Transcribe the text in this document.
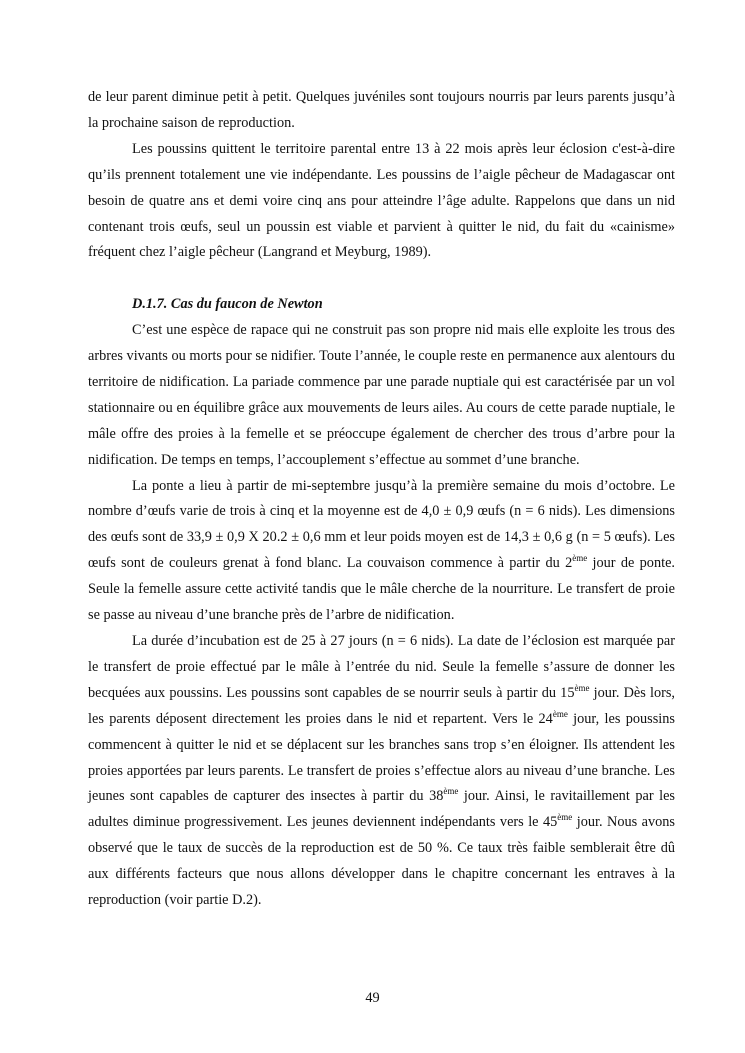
de leur parent diminue petit à petit. Quelques juvéniles sont toujours nourris par leurs parents jusqu’à la prochaine saison de reproduction.

Les poussins quittent le territoire parental entre 13 à 22 mois après leur éclosion c'est-à-dire qu’ils prennent totalement une vie indépendante. Les poussins de l’aigle pêcheur de Madagascar ont besoin de quatre ans et demi voire cinq ans pour atteindre l’âge adulte. Rappelons que dans un nid contenant trois œufs, seul un poussin est viable et parvient à quitter le nid, du fait du «cainisme» fréquent chez l’aigle pêcheur (Langrand et Meyburg, 1989).

D.1.7. Cas du faucon de Newton

C’est une espèce de rapace qui ne construit pas son propre nid mais elle exploite les trous des arbres vivants ou morts pour se nidifier. Toute l’année, le couple reste en permanence aux alentours du territoire de nidification. La pariade commence par une parade nuptiale qui est caractérisée par un vol stationnaire ou en équilibre grâce aux mouvements de leurs ailes. Au cours de cette parade nuptiale, le mâle offre des proies à la femelle et se préoccupe également de chercher des trous d’arbre pour la nidification. De temps en temps, l’accouplement s’effectue au sommet d’une branche.

La ponte a lieu à partir de mi-septembre jusqu’à la première semaine du mois d’octobre. Le nombre d’œufs varie de trois à cinq et la moyenne est de 4,0 ± 0,9 œufs (n = 6 nids). Les dimensions des œufs sont de 33,9 ± 0,9 X 20.2 ± 0,6 mm et leur poids moyen est de 14,3 ± 0,6 g (n = 5 œufs). Les œufs sont de couleurs grenat à fond blanc. La couvaison commence à partir du 2ème jour de ponte. Seule la femelle assure cette activité tandis que le mâle cherche de la nourriture. Le transfert de proie se passe au niveau d’une branche près de l’arbre de nidification.

La durée d’incubation est de 25 à 27 jours (n = 6 nids). La date de l’éclosion est marquée par le transfert de proie effectué par le mâle à l’entrée du nid. Seule la femelle s’assure de donner les becquées aux poussins. Les poussins sont capables de se nourrir seuls à partir du 15ème jour. Dès lors, les parents déposent directement les proies dans le nid et repartent. Vers le 24ème jour, les poussins commencent à quitter le nid et se déplacent sur les branches sans trop s’en éloigner. Ils attendent les proies apportées par leurs parents. Le transfert de proies s’effectue alors au niveau d’une branche. Les jeunes sont capables de capturer des insectes à partir du 38ème jour. Ainsi, le ravitaillement par les adultes diminue progressivement. Les jeunes deviennent indépendants vers le 45ème jour. Nous avons observé que le taux de succès de la reproduction est de 50 %. Ce taux très faible semblerait être dû aux différents facteurs que nous allons développer dans le chapitre concernant les entraves à la reproduction (voir partie D.2).

49
